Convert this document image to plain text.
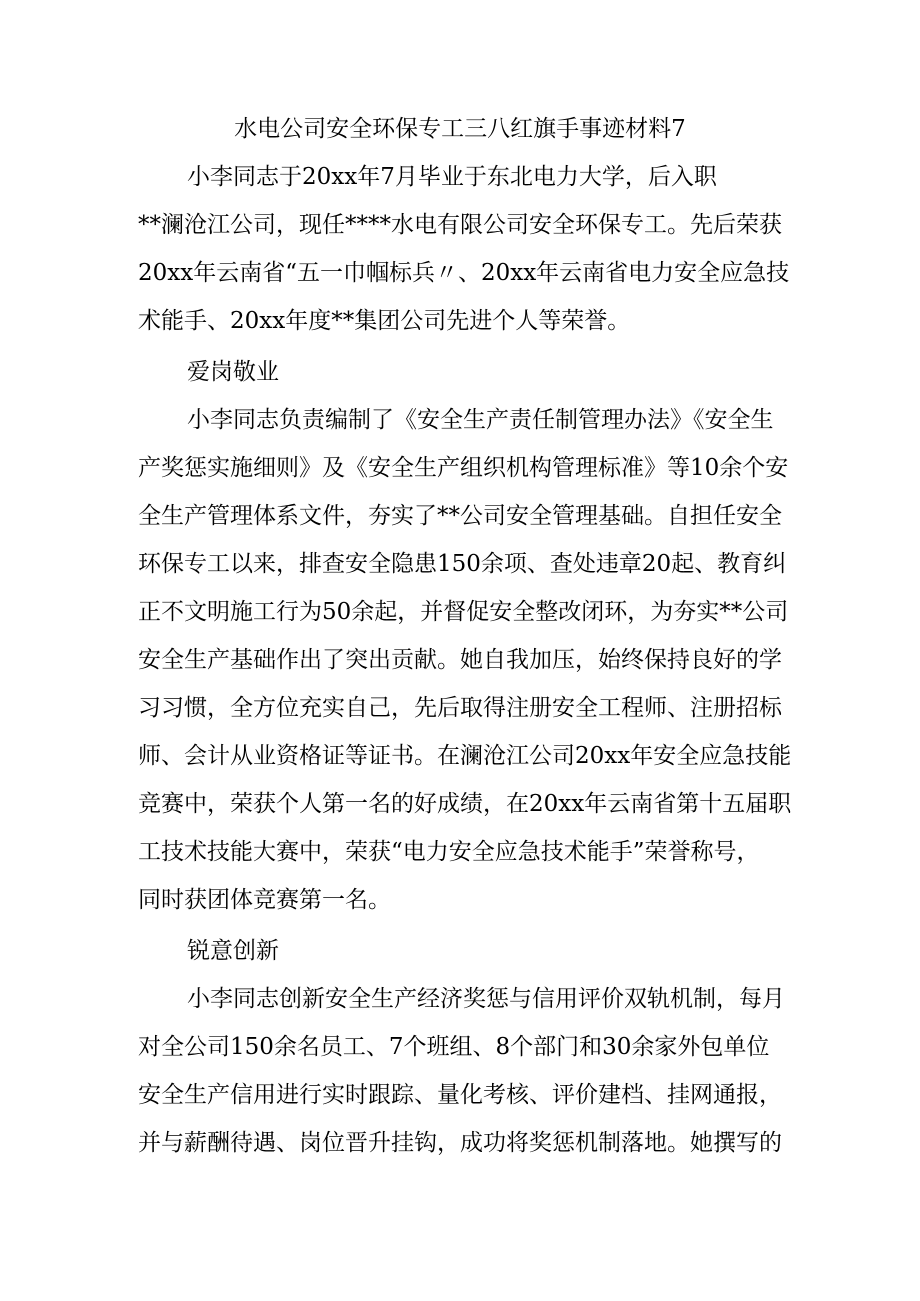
水电公司安全环保专工三八红旗手事迹材料7
小李同志于20xx年7月毕业于东北电力大学，后入职
**澜沧江公司，现任****水电有限公司安全环保专工。先后荣获
20xx年云南省“五一巾帼标兵〃、20xx年云南省电力安全应急技
术能手、20xx年度**集团公司先进个人等荣誉。
爱岗敬业
小李同志负责编制了《安全生产责任制管理办法》《安全生
产奖惩实施细则》及《安全生产组织机构管理标准》等10余个安
全生产管理体系文件，夯实了**公司安全管理基础。自担任安全
环保专工以来，排查安全隐患150余项、查处违章20起、教育纠
正不文明施工行为50余起，并督促安全整改闭环，为夯实**公司
安全生产基础作出了突出贡献。她自我加压，始终保持良好的学
习习惯，全方位充实自己，先后取得注册安全工程师、注册招标
师、会计从业资格证等证书。在澜沧江公司20xx年安全应急技能
竞赛中，荣获个人第一名的好成绩，在20xx年云南省第十五届职
工技术技能大赛中，荣获“电力安全应急技术能手”荣誉称号，
同时获团体竞赛第一名。
锐意创新
小李同志创新安全生产经济奖惩与信用评价双轨机制，每月
对全公司150余名员工、7个班组、8个部门和30余家外包单位
安全生产信用进行实时跟踪、量化考核、评价建档、挂网通报，
并与薪酬待遇、岗位晋升挂钩，成功将奖惩机制落地。她撰写的
